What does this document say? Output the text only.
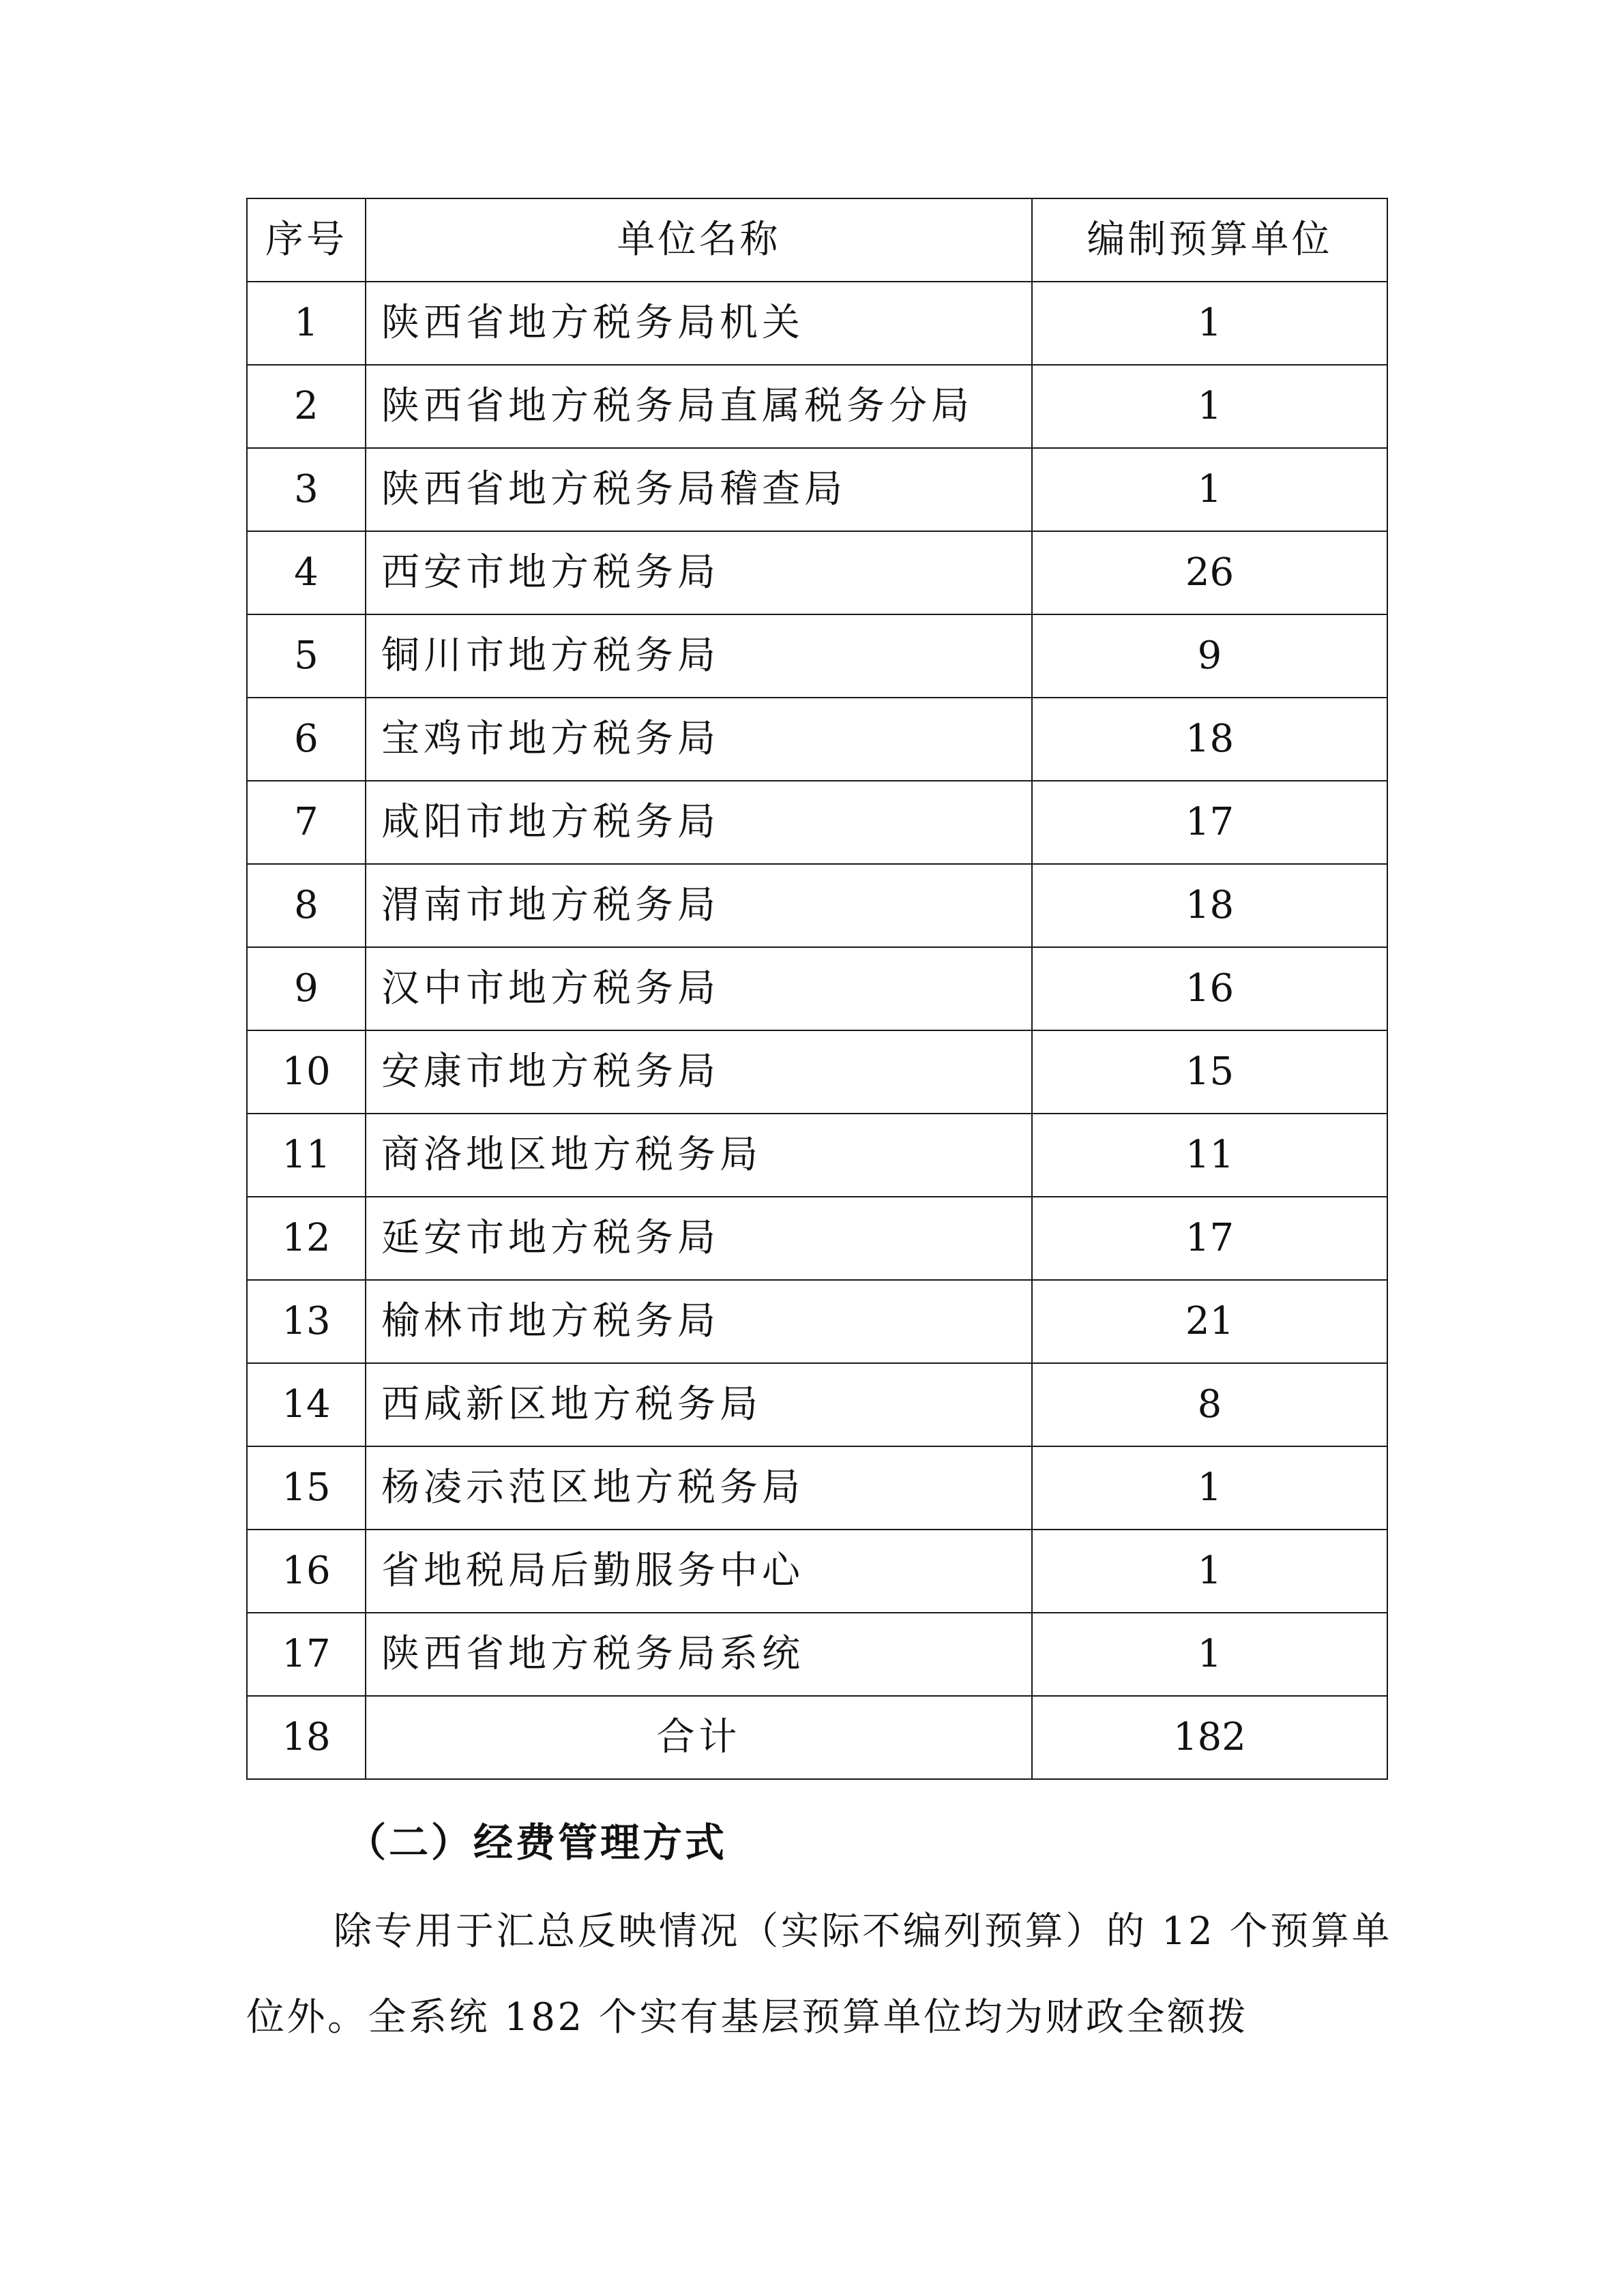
序号	单位名称	编制预算单位
1	陕西省地方税务局机关	1
2	陕西省地方税务局直属税务分局	1
3	陕西省地方税务局稽查局	1
4	西安市地方税务局	26
5	铜川市地方税务局	9
6	宝鸡市地方税务局	18
7	咸阳市地方税务局	17
8	渭南市地方税务局	18
9	汉中市地方税务局	16
10	安康市地方税务局	15
11	商洛地区地方税务局	11
12	延安市地方税务局	17
13	榆林市地方税务局	21
14	西咸新区地方税务局	8
15	杨凌示范区地方税务局	1
16	省地税局后勤服务中心	1
17	陕西省地方税务局系统	1
18	合计	182
（二）经费管理方式
除专用于汇总反映情况（实际不编列预算）的 12 个预算单位外。全系统 182 个实有基层预算单位均为财政全额拨
